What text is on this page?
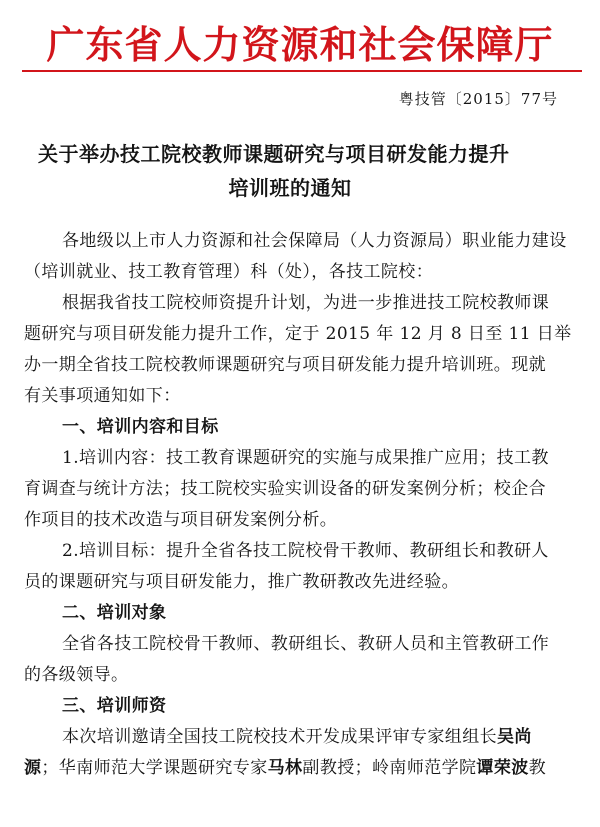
广东省人力资源和社会保障厅
粤技管〔2015〕77号
关于举办技工院校教师课题研究与项目研发能力提升
培训班的通知
各地级以上市人力资源和社会保障局（人力资源局）职业能力建设
（培训就业、技工教育管理）科（处），各技工院校：
根据我省技工院校师资提升计划，为进一步推进技工院校教师课
题研究与项目研发能力提升工作，定于 2015 年 12 月 8 日至 11 日举
办一期全省技工院校教师课题研究与项目研发能力提升培训班。现就
有关事项通知如下：
一、培训内容和目标
1.培训内容：技工教育课题研究的实施与成果推广应用；技工教
育调查与统计方法；技工院校实验实训设备的研发案例分析；校企合
作项目的技术改造与项目研发案例分析。
2.培训目标：提升全省各技工院校骨干教师、教研组长和教研人
员的课题研究与项目研发能力，推广教研教改先进经验。
二、培训对象
全省各技工院校骨干教师、教研组长、教研人员和主管教研工作
的各级领导。
三、培训师资
本次培训邀请全国技工院校技术开发成果评审专家组组长吴尚
源；华南师范大学课题研究专家马林副教授；岭南师范学院谭荣波教
